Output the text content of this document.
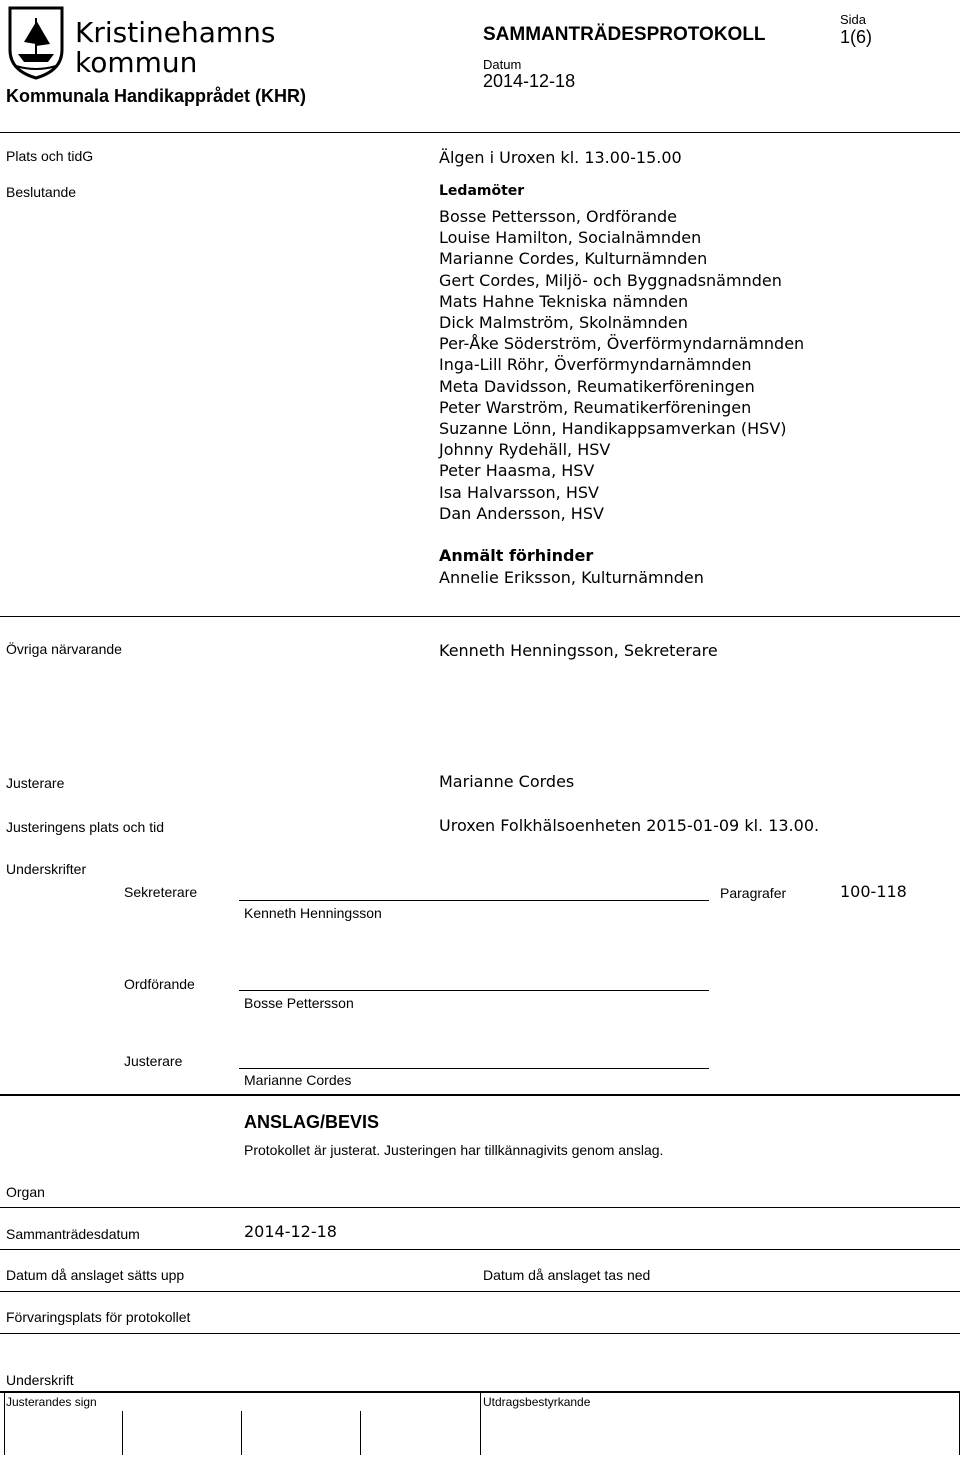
Kristinehamns
kommun
Kommunala Handikapprådet (KHR)
SAMMANTRÄDESPROTOKOLL
Datum
2014-12-18
Sida
1(6)
Plats och tidG	Älgen i Uroxen kl. 13.00-15.00
Beslutande	Ledamöter
Bosse Pettersson, Ordförande
Louise Hamilton, Socialnämnden
Marianne Cordes, Kulturnämnden
Gert Cordes, Miljö- och Byggnadsnämnden
Mats Hahne Tekniska nämnden
Dick Malmström, Skolnämnden
Per-Åke Söderström, Överförmyndarnämnden
Inga-Lill Röhr, Överförmyndarnämnden
Meta Davidsson, Reumatikerföreningen
Peter Warström, Reumatikerföreningen
Suzanne Lönn, Handikappsamverkan (HSV)
Johnny Rydehäll, HSV
Peter Haasma, HSV
Isa Halvarsson, HSV
Dan Andersson, HSV
Anmält förhinder
Annelie Eriksson, Kulturnämnden
Övriga närvarande	Kenneth Henningsson, Sekreterare
Justerare	Marianne Cordes
Justeringens plats och tid	Uroxen Folkhälsoenheten 2015-01-09 kl. 13.00.
Underskrifter
Sekreterare
Kenneth Henningsson
Paragrafer	100-118
Ordförande
Bosse Pettersson
Justerare
Marianne Cordes
ANSLAG/BEVIS
Protokollet är justerat. Justeringen har tillkännagivits genom anslag.
Organ
Sammanträdesdatum	2014-12-18
Datum då anslaget sätts upp	Datum då anslaget tas ned
Förvaringsplats för protokollet
Underskrift
Justerandes sign	Utdragsbestyrkande
